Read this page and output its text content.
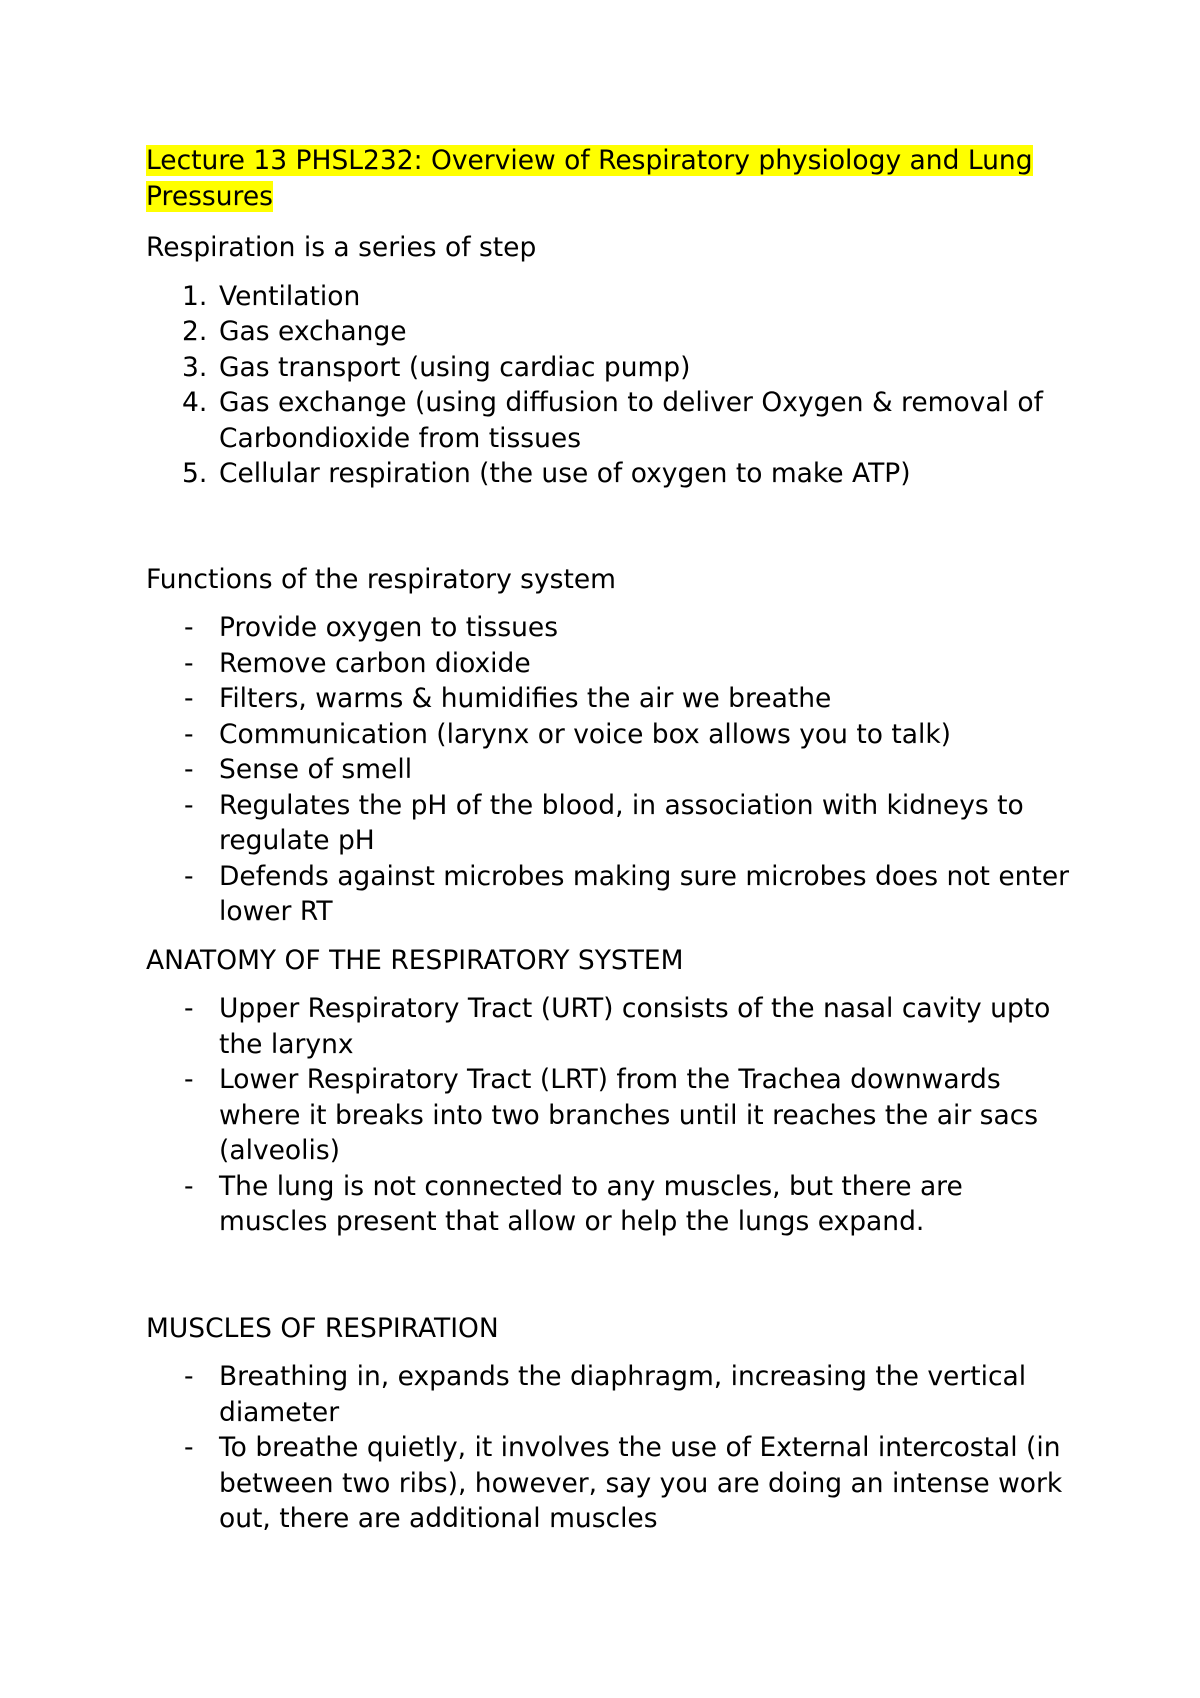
Lecture 13 PHSL232: Overview of Respiratory physiology and Lung Pressures

Respiration is a series of step

1. Ventilation
2. Gas exchange
3. Gas transport (using cardiac pump)
4. Gas exchange (using diffusion to deliver Oxygen & removal of Carbondioxide from tissues
5. Cellular respiration (the use of oxygen to make ATP)

Functions of the respiratory system

- Provide oxygen to tissues
- Remove carbon dioxide
- Filters, warms & humidifies the air we breathe
- Communication (larynx or voice box allows you to talk)
- Sense of smell
- Regulates the pH of the blood, in association with kidneys to regulate pH
- Defends against microbes making sure microbes does not enter lower RT

ANATOMY OF THE RESPIRATORY SYSTEM

- Upper Respiratory Tract (URT) consists of the nasal cavity upto the larynx
- Lower Respiratory Tract (LRT) from the Trachea downwards where it breaks into two branches until it reaches the air sacs (alveolis)
- The lung is not connected to any muscles, but there are muscles present that allow or help the lungs expand.

MUSCLES OF RESPIRATION

- Breathing in, expands the diaphragm, increasing the vertical diameter
- To breathe quietly, it involves the use of External intercostal (in between two ribs), however, say you are doing an intense work out, there are additional muscles
